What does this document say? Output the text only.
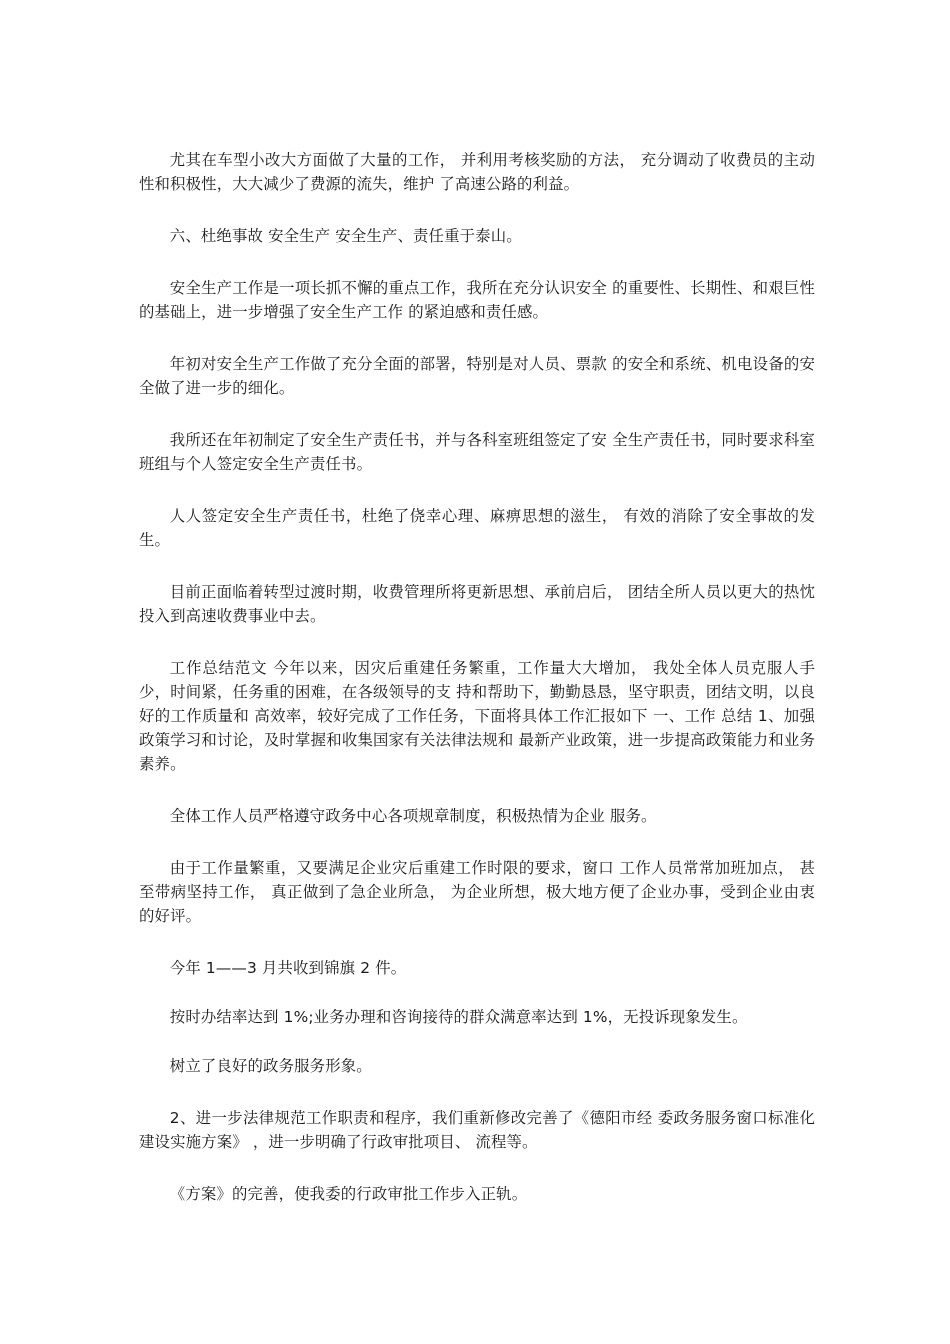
尤其在车型小改大方面做了大量的工作， 并利用考核奖励的方法， 充分调动了收费员的主动性和积极性，大大减少了费源的流失，维护 了高速公路的利益。

六、杜绝事故 安全生产 安全生产、责任重于泰山。

安全生产工作是一项长抓不懈的重点工作，我所在充分认识安全 的重要性、长期性、和艰巨性的基础上，进一步增强了安全生产工作 的紧迫感和责任感。

年初对安全生产工作做了充分全面的部署，特别是对人员、票款 的安全和系统、机电设备的安全做了进一步的细化。

我所还在年初制定了安全生产责任书，并与各科室班组签定了安 全生产责任书，同时要求科室班组与个人签定安全生产责任书。

人人签定安全生产责任书，杜绝了侥幸心理、麻痹思想的滋生， 有效的消除了安全事故的发生。

目前正面临着转型过渡时期，收费管理所将更新思想、承前启后， 团结全所人员以更大的热忱投入到高速收费事业中去。

工作总结范文 今年以来，因灾后重建任务繁重，工作量大大增加， 我处全体人员克服人手少，时间紧，任务重的困难，在各级领导的支 持和帮助下，勤勤恳恳，坚守职责，团结文明，以良好的工作质量和 高效率，较好完成了工作任务，下面将具体工作汇报如下 一、工作 总结 1、加强政策学习和讨论，及时掌握和收集国家有关法律法规和 最新产业政策，进一步提高政策能力和业务素养。

全体工作人员严格遵守政务中心各项规章制度，积极热情为企业 服务。

由于工作量繁重，又要满足企业灾后重建工作时限的要求，窗口 工作人员常常加班加点， 甚至带病坚持工作， 真正做到了急企业所急， 为企业所想，极大地方便了企业办事，受到企业由衷的好评。

今年 1——3 月共收到锦旗 2 件。

按时办结率达到 1%;业务办理和咨询接待的群众满意率达到 1%，无投诉现象发生。

树立了良好的政务服务形象。

2、进一步法律规范工作职责和程序，我们重新修改完善了《德阳市经 委政务服务窗口标准化建设实施方案》 ，进一步明确了行政审批项目、 流程等。

《方案》的完善，使我委的行政审批工作步入正轨。
